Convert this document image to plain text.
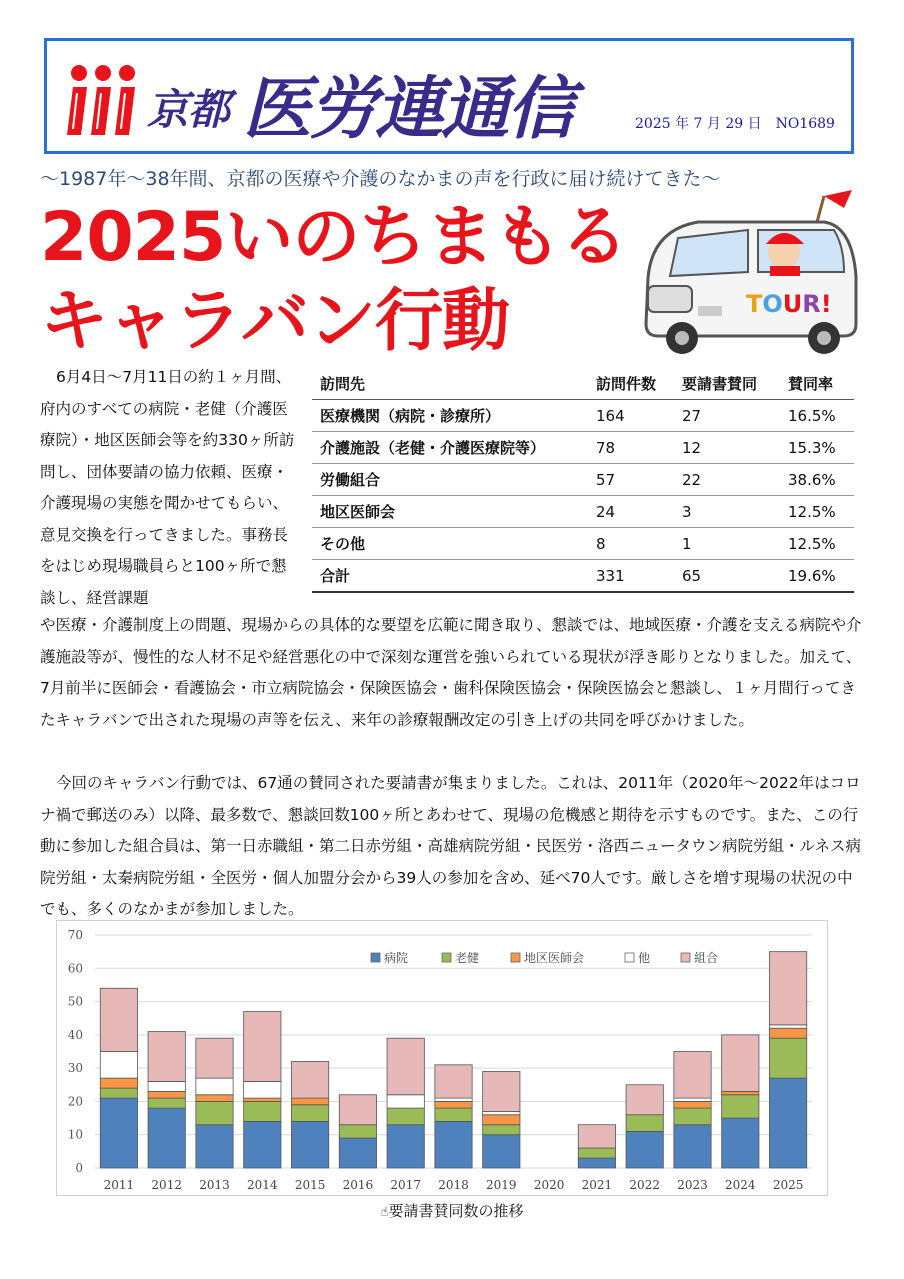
京都 医労連通信	2025 年 7 月 29 日　NO1689
～1987年～38年間、京都の医療や介護のなかまの声を行政に届け続けてきた～
2025いのちまもる
キャラバン行動	TOUR!
6月4日～7月11日の約１ヶ月間、府内のすべての病院・老健（介護医療院）・地区医師会等を約330ヶ所訪問し、団体要請の協力依頼、医療・介護現場の実態を聞かせてもらい、意見交換を行ってきました。事務長をはじめ現場職員らと100ヶ所で懇談し、経営課題
訪問先	訪問件数	要請書賛同	賛同率
医療機関（病院・診療所）	164	27	16.5%
介護施設（老健・介護医療院等）	78	12	15.3%
労働組合	57	22	38.6%
地区医師会	24	3	12.5%
その他	8	1	12.5%
合計	331	65	19.6%
や医療・介護制度上の問題、現場からの具体的な要望を広範に聞き取り、懇談では、地域医療・介護を支える病院や介護施設等が、慢性的な人材不足や経営悪化の中で深刻な運営を強いられている現状が浮き彫りとなりました。加えて、7月前半に医師会・看護協会・市立病院協会・保険医協会・歯科保険医協会・保険医協会と懇談し、１ヶ月間行ってきたキャラバンで出された現場の声等を伝え、来年の診療報酬改定の引き上げの共同を呼びかけました。
今回のキャラバン行動では、67通の賛同された要請書が集まりました。これは、2011年（2020年～2022年はコロナ禍で郵送のみ）以降、最多数で、懇談回数100ヶ所とあわせて、現場の危機感と期待を示すものです。また、この行動に参加した組合員は、第一日赤職組・第二日赤労組・高雄病院労組・民医労・洛西ニュータウン病院労組・ルネス病院労組・太秦病院労組・全医労・個人加盟分会から39人の参加を含め、延べ70人です。厳しさを増す現場の状況の中でも、多くのなかまが参加しました。
0
10
20
30
40
50
60
70
2011 2012 2013 2014 2015 2016 2017 2018 2019 2020 2021 2022 2023 2024 2025
病院	老健	地区医師会	他	組合
☝要請書賛同数の推移
